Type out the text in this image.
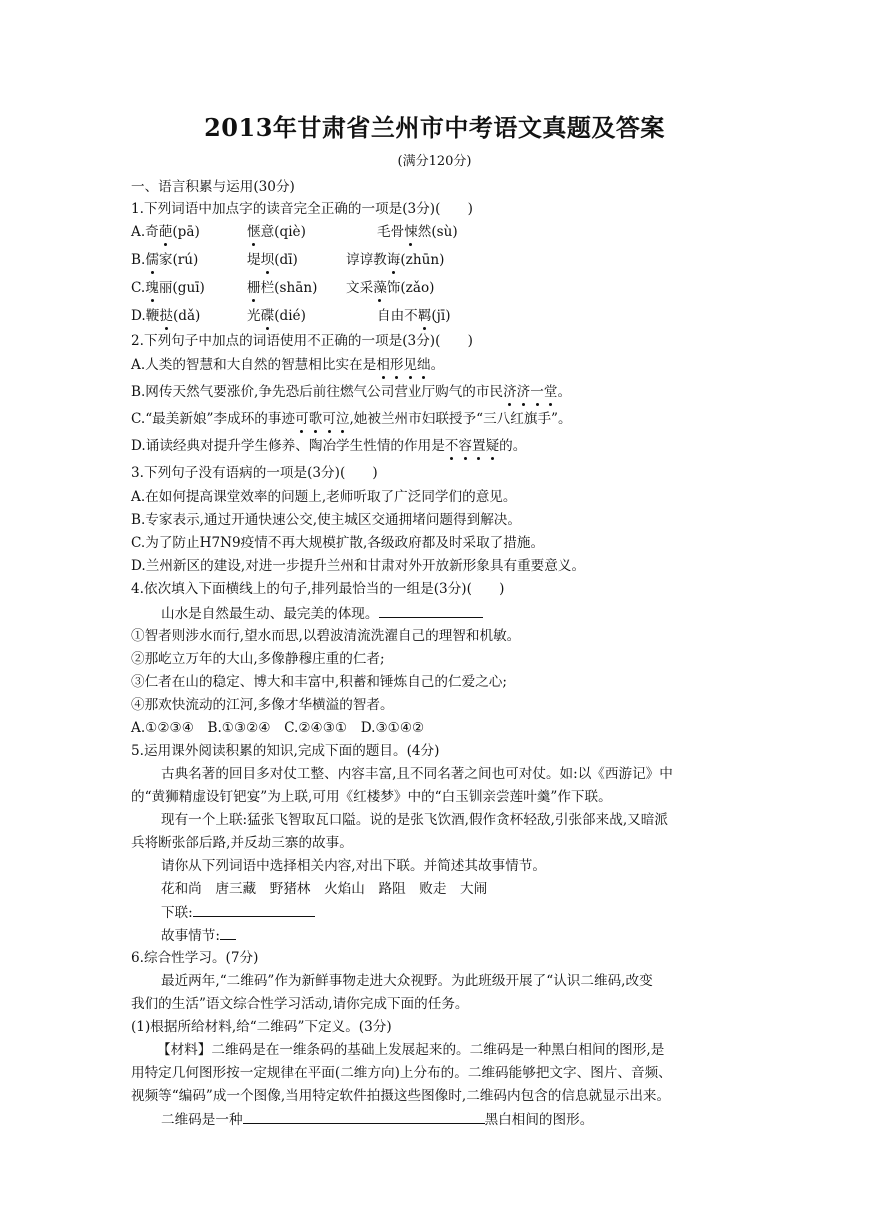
2013年甘肃省兰州市中考语文真题及答案
(满分120分)
一、语言积累与运用(30分)
1.下列词语中加点字的读音完全正确的一项是(3分)(　　)
A.奇葩(pā)	惬意(qiè)	毛骨悚然(sù)
B.儒家(rú)	堤坝(dī)	谆谆教诲(zhūn)
C.瑰丽(guī)	栅栏(shān) 文采藻饰(zǎo)
D.鞭挞(dǎ)	光碟(dié)	自由不羁(jī)
2.下列句子中加点的词语使用不正确的一项是(3分)(　　)
A.人类的智慧和大自然的智慧相比实在是相形见绌。
B.网传天然气要涨价,争先恐后前往燃气公司营业厅购气的市民济济一堂。
C.“最美新娘”李成环的事迹可歌可泣,她被兰州市妇联授予“三八红旗手”。
D.诵读经典对提升学生修养、陶冶学生性情的作用是不容置疑的。
3.下列句子没有语病的一项是(3分)(　　)
A.在如何提高课堂效率的问题上,老师听取了广泛同学们的意见。
B.专家表示,通过开通快速公交,使主城区交通拥堵问题得到解决。
C.为了防止H7N9疫情不再大规模扩散,各级政府都及时采取了措施。
D.兰州新区的建设,对进一步提升兰州和甘肃对外开放新形象具有重要意义。
4.依次填入下面横线上的句子,排列最恰当的一组是(3分)(　　)
山水是自然最生动、最完美的体现。
①智者则涉水而行,望水而思,以碧波清流洗濯自己的理智和机敏。
②那屹立万年的大山,多像静穆庄重的仁者;
③仁者在山的稳定、博大和丰富中,积蓄和锤炼自己的仁爱之心;
④那欢快流动的江河,多像才华横溢的智者。
A.①②③④　B.①③②④　C.②④③①　D.③①④②
5.运用课外阅读积累的知识,完成下面的题目。(4分)
古典名著的回目多对仗工整、内容丰富,且不同名著之间也可对仗。如:以《西游记》中
的“黄狮精虚设钉钯宴”为上联,可用《红楼梦》中的“白玉钏亲尝莲叶羹”作下联。
现有一个上联:猛张飞智取瓦口隘。说的是张飞饮酒,假作贪杯轻敌,引张郃来战,又暗派
兵将断张郃后路,并反劫三寨的故事。
请你从下列词语中选择相关内容,对出下联。并简述其故事情节。
花和尚　唐三藏　野猪林　火焰山　路阻　败走　大闹
下联:
故事情节:
6.综合性学习。(7分)
最近两年,“二维码”作为新鲜事物走进大众视野。为此班级开展了“认识二维码,改变
我们的生活”语文综合性学习活动,请你完成下面的任务。
(1)根据所给材料,给“二维码”下定义。(3分)
【材料】二维码是在一维条码的基础上发展起来的。二维码是一种黑白相间的图形,是
用特定几何图形按一定规律在平面(二维方向)上分布的。二维码能够把文字、图片、音频、
视频等“编码”成一个图像,当用特定软件拍摄这些图像时,二维码内包含的信息就显示出来。
二维码是一种	黑白相间的图形。
